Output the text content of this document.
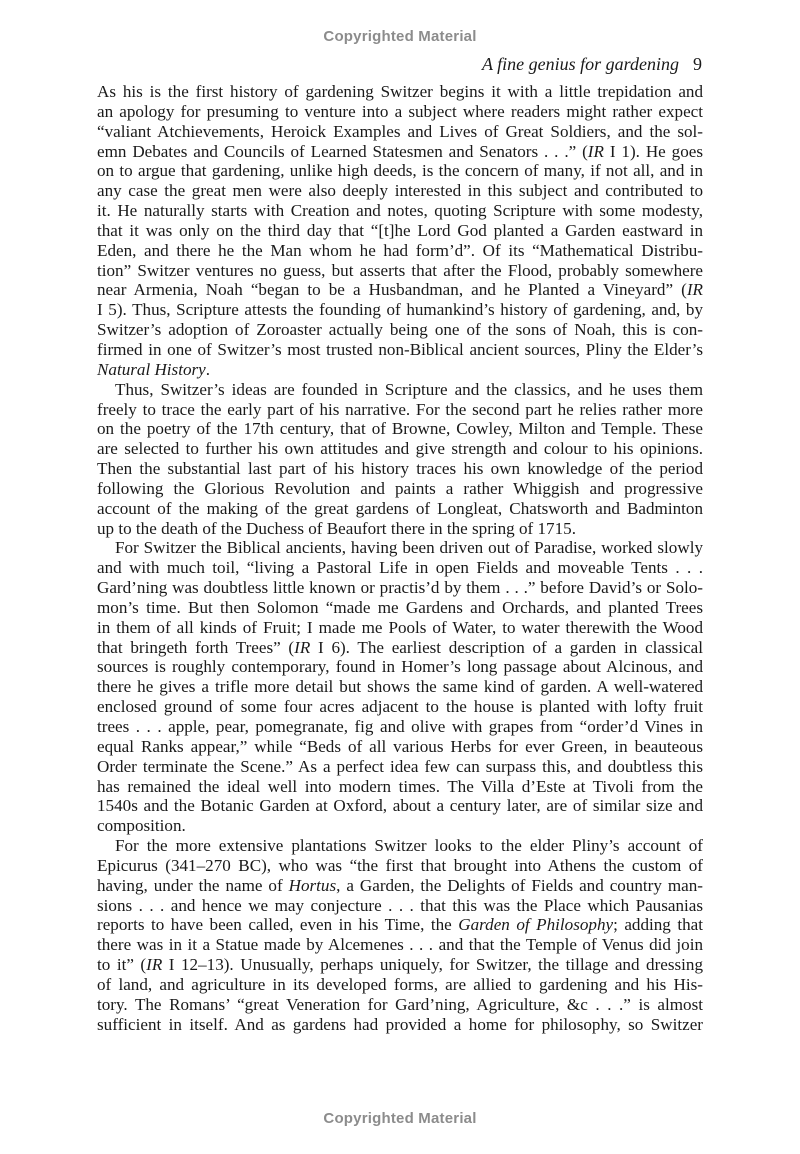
Copyrighted Material
A fine genius for gardening 9
As his is the first history of gardening Switzer begins it with a little trepidation and
an apology for presuming to venture into a subject where readers might rather expect
“valiant Atchievements, Heroick Examples and Lives of Great Soldiers, and the sol-
emn Debates and Councils of Learned Statesmen and Senators . . .” (IR I 1). He goes
on to argue that gardening, unlike high deeds, is the concern of many, if not all, and in
any case the great men were also deeply interested in this subject and contributed to
it. He naturally starts with Creation and notes, quoting Scripture with some modesty,
that it was only on the third day that “[t]he Lord God planted a Garden eastward in
Eden, and there he the Man whom he had form’d”. Of its “Mathematical Distribu-
tion” Switzer ventures no guess, but asserts that after the Flood, probably somewhere
near Armenia, Noah “began to be a Husbandman, and he Planted a Vineyard” (IR
I 5). Thus, Scripture attests the founding of humankind’s history of gardening, and, by
Switzer’s adoption of Zoroaster actually being one of the sons of Noah, this is con-
firmed in one of Switzer’s most trusted non-Biblical ancient sources, Pliny the Elder’s
Natural History.
Thus, Switzer’s ideas are founded in Scripture and the classics, and he uses them
freely to trace the early part of his narrative. For the second part he relies rather more
on the poetry of the 17th century, that of Browne, Cowley, Milton and Temple. These
are selected to further his own attitudes and give strength and colour to his opinions.
Then the substantial last part of his history traces his own knowledge of the period
following the Glorious Revolution and paints a rather Whiggish and progressive
account of the making of the great gardens of Longleat, Chatsworth and Badminton
up to the death of the Duchess of Beaufort there in the spring of 1715.
For Switzer the Biblical ancients, having been driven out of Paradise, worked slowly
and with much toil, “living a Pastoral Life in open Fields and moveable Tents . . .
Gard’ning was doubtless little known or practis’d by them . . .” before David’s or Solo-
mon’s time. But then Solomon “made me Gardens and Orchards, and planted Trees
in them of all kinds of Fruit; I made me Pools of Water, to water therewith the Wood
that bringeth forth Trees” (IR I 6). The earliest description of a garden in classical
sources is roughly contemporary, found in Homer’s long passage about Alcinous, and
there he gives a trifle more detail but shows the same kind of garden. A well-watered
enclosed ground of some four acres adjacent to the house is planted with lofty fruit
trees . . . apple, pear, pomegranate, fig and olive with grapes from “order’d Vines in
equal Ranks appear,” while “Beds of all various Herbs for ever Green, in beauteous
Order terminate the Scene.” As a perfect idea few can surpass this, and doubtless this
has remained the ideal well into modern times. The Villa d’Este at Tivoli from the
1540s and the Botanic Garden at Oxford, about a century later, are of similar size and
composition.
For the more extensive plantations Switzer looks to the elder Pliny’s account of
Epicurus (341–270 BC), who was “the first that brought into Athens the custom of
having, under the name of Hortus, a Garden, the Delights of Fields and country man-
sions . . . and hence we may conjecture . . . that this was the Place which Pausanias
reports to have been called, even in his Time, the Garden of Philosophy; adding that
there was in it a Statue made by Alcemenes . . . and that the Temple of Venus did join
to it” (IR I 12–13). Unusually, perhaps uniquely, for Switzer, the tillage and dressing
of land, and agriculture in its developed forms, are allied to gardening and his His-
tory. The Romans’ “great Veneration for Gard’ning, Agriculture, &c . . .” is almost
sufficient in itself. And as gardens had provided a home for philosophy, so Switzer
Copyrighted Material
